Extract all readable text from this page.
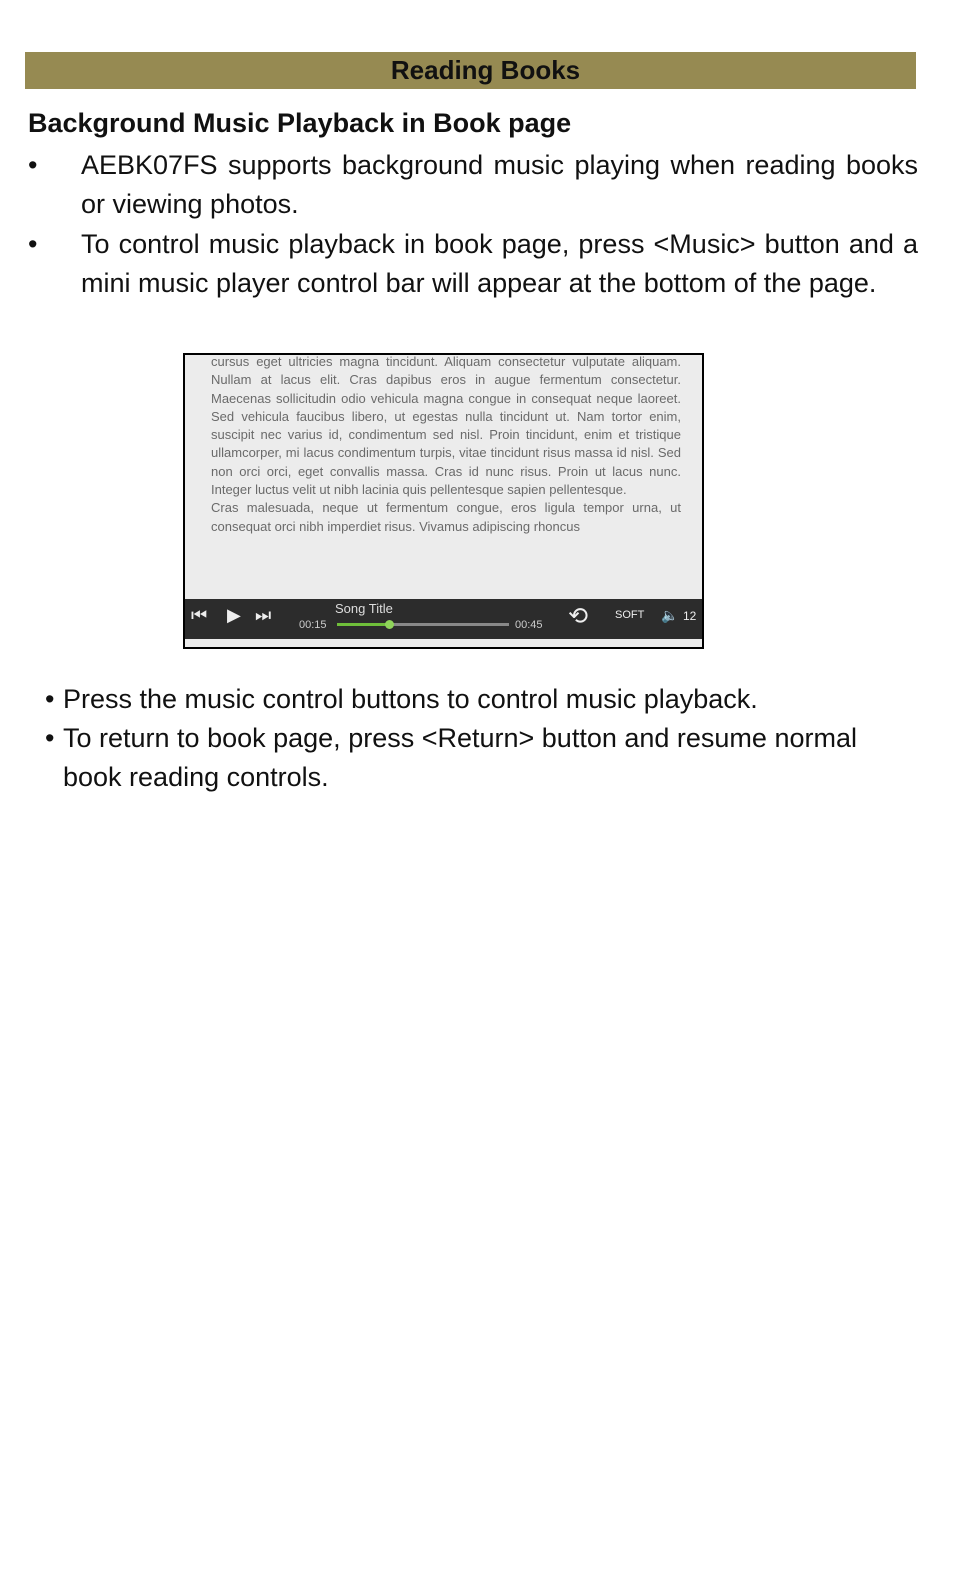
Reading Books
Background Music Playback in Book page
• AEBK07FS supports background music playing when reading books or viewing photos.
• To control music playback in book page, press <Music> button and a mini music player control bar will appear at the bottom of the page.

cursus eget ultricies magna tincidunt. Aliquam consectetur vulputate aliquam. Nullam at lacus elit. Cras dapibus eros in augue fermentum consectetur. Maecenas sollicitudin odio vehicula magna congue in consequat neque laoreet. Sed vehicula faucibus libero, ut egestas nulla tincidunt ut. Nam tortor enim, suscipit nec varius id, condimentum sed nisl. Proin tincidunt, enim et tristique ullamcorper, mi lacus condimentum turpis, vitae tincidunt risus massa id nisl. Sed non orci orci, eget convallis massa. Cras id nunc risus. Proin ut lacus nunc. Integer luctus velit ut nibh lacinia quis pellentesque sapien pellentesque.

Cras malesuada, neque ut fermentum congue, eros ligula tempor urna, ut consequat orci nibh imperdiet risus. Vivamus adipiscing rhoncus

⏮ ▶ ⏭	Song Title
00:15	00:45 ⟲ SOFT 🔈 12
• Press the music control buttons to control music playback.
• To return to book page, press <Return> button and resume normal book reading controls.
